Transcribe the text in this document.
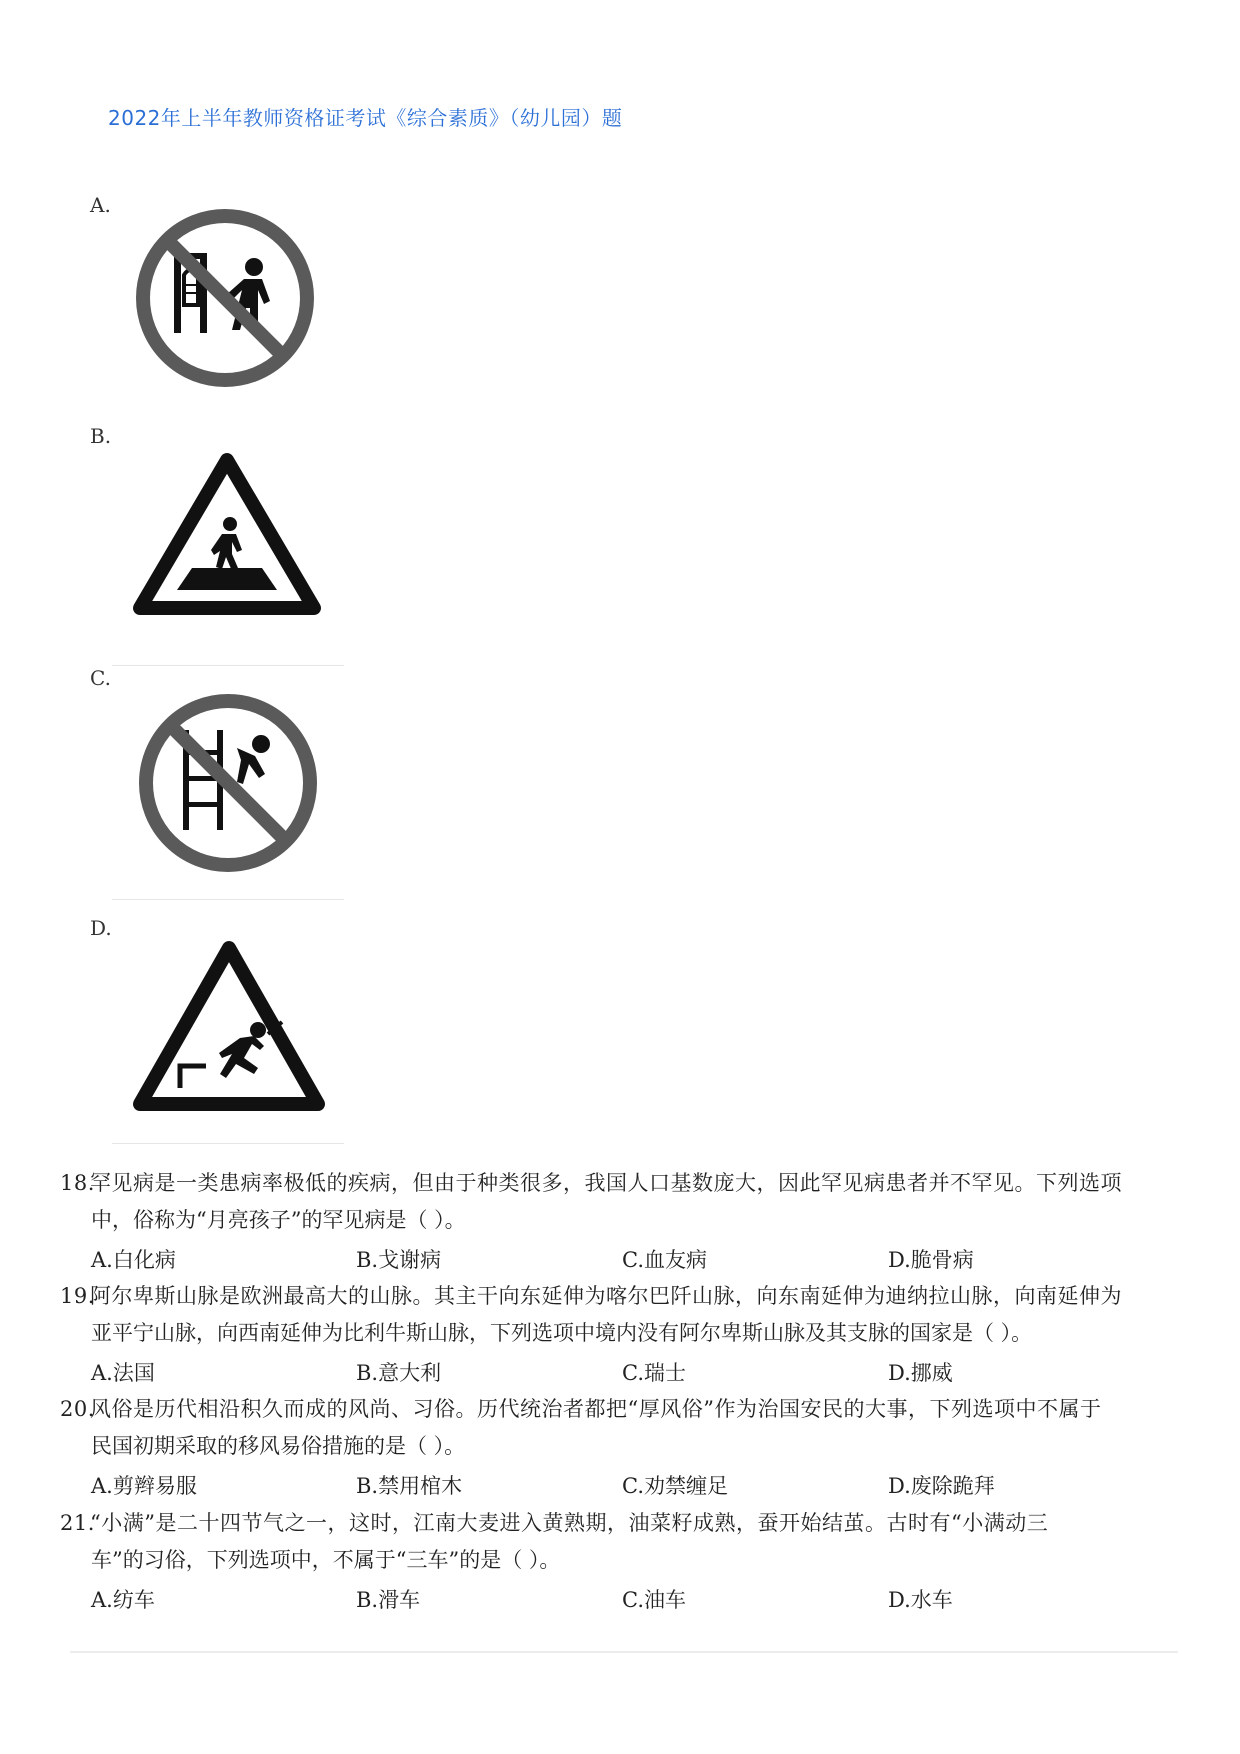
2022年上半年教师资格证考试《综合素质》（幼儿园）题
A.
B.
C.
D.
18.罕见病是一类患病率极低的疾病，但由于种类很多，我国人口基数庞大，因此罕见病患者并不罕见。下列选项
中，俗称为“月亮孩子”的罕见病是（ ）。
A.白化病	B.戈谢病	C.血友病	D.脆骨病
19.阿尔卑斯山脉是欧洲最高大的山脉。其主干向东延伸为喀尔巴阡山脉，向东南延伸为迪纳拉山脉，向南延伸为
亚平宁山脉，向西南延伸为比利牛斯山脉，下列选项中境内没有阿尔卑斯山脉及其支脉的国家是（ ）。
A.法国	B.意大利	C.瑞士	D.挪威
20.风俗是历代相沿积久而成的风尚、习俗。历代统治者都把“厚风俗”作为治国安民的大事，下列选项中不属于
民国初期采取的移风易俗措施的是（ ）。
A.剪辫易服	B.禁用棺木	C.劝禁缠足	D.废除跪拜
21.“小满”是二十四节气之一，这时，江南大麦进入黄熟期，油菜籽成熟，蚕开始结茧。古时有“小满动三
车”的习俗，下列选项中，不属于“三车”的是（ ）。
A.纺车	B.滑车	C.油车	D.水车
